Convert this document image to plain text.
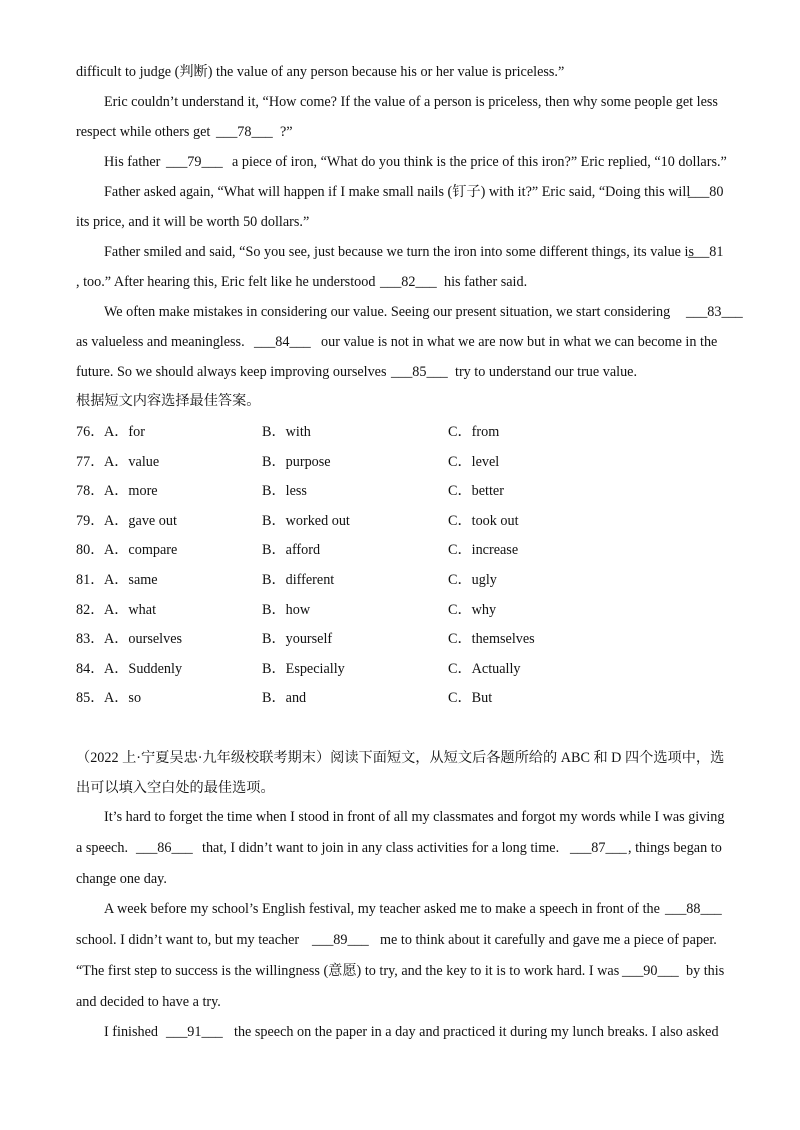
difficult to judge (判断) the value of any person because his or her value is priceless.”
Eric couldn’t understand it, “How come? If the value of a person is priceless, then why some people get less
respect while others get ___78___ ?”
His father ___79___ a piece of iron, “What do you think is the price of this iron?” Eric replied, “10 dollars.”
Father asked again, “What will happen if I make small nails (钉子) with it?” Eric said, “Doing this will
___80
its price, and it will be worth 50 dollars.”
Father smiled and said, “So you see, just because we turn the iron into some different things, its value is
___81
, too.” After hearing this, Eric felt like he understood ___82___ his father said.
We often make mistakes in considering our value. Seeing our present situation, we start considering ___83___
as valueless and meaningless. ___84___ our value is not in what we are now but in what we can become in the
future. So we should always keep improving ourselves ___85___ try to understand our true value.
根据短文内容选择最佳答案。
76． A．for	B．with	C．from
77． A．value	B．purpose	C．level
78． A．more	B．less	C．better
79． A．gave out	B．worked out	C．took out
80． A．compare	B．afford	C．increase
81． A．same	B．different	C．ugly
82． A．what	B．how	C．why
83． A．ourselves	B．yourself	C．themselves
84． A．Suddenly	B．Especially	C．Actually
85． A．so	B．and	C．But
（2022 上·宁夏吴忠·九年级校联考期末）阅读下面短文，从短文后各题所给的 ABC 和 D 四个选项中，选
出可以填入空白处的最佳选项。
It’s hard to forget the time when I stood in front of all my classmates and forgot my words while I was giving
a speech. ___86___ that, I didn’t want to join in any class activities for a long time. ___87___ , things began to
change one day.
A week before my school’s English festival, my teacher asked me to make a speech in front of the ___88___
school. I didn’t want to, but my teacher ___89___ me to think about it carefully and gave me a piece of paper.
“The first step to success is the willingness (意愿) to try, and the key to it is to work hard. I was ___90___ by this
and decided to have a try.
I finished ___91___ the speech on the paper in a day and practiced it during my lunch breaks. I also asked
